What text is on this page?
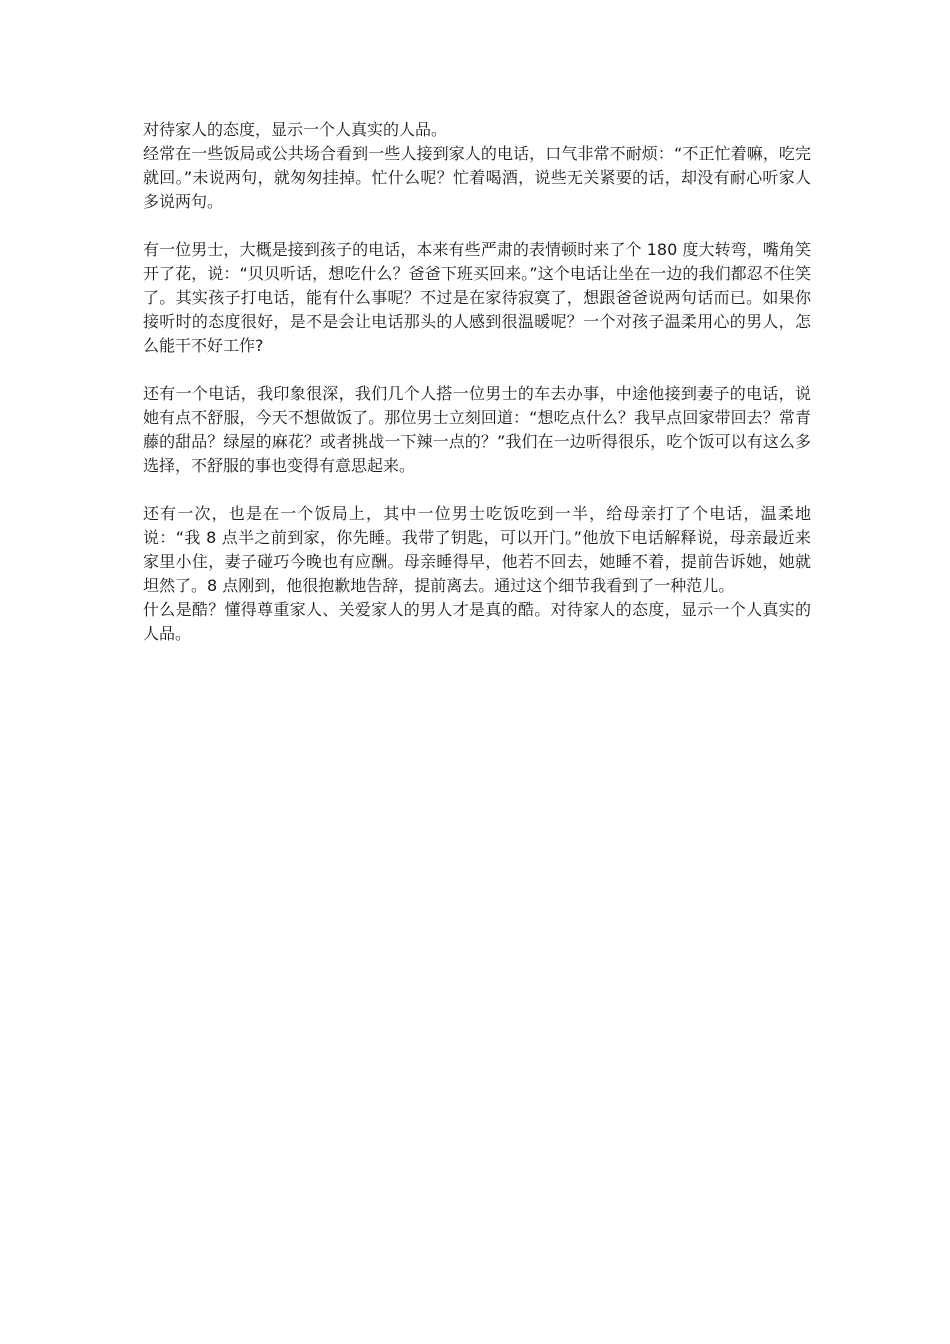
对待家人的态度，显示一个人真实的人品。

经常在一些饭局或公共场合看到一些人接到家人的电话，口气非常不耐烦：“不正忙着嘛，吃完就回。”未说两句，就匆匆挂掉。忙什么呢？忙着喝酒，说些无关紧要的话，却没有耐心听家人多说两句。

有一位男士，大概是接到孩子的电话，本来有些严肃的表情顿时来了个 180 度大转弯，嘴角笑开了花，说：“贝贝听话，想吃什么？爸爸下班买回来。”这个电话让坐在一边的我们都忍不住笑了。其实孩子打电话，能有什么事呢？不过是在家待寂寞了，想跟爸爸说两句话而已。如果你接听时的态度很好，是不是会让电话那头的人感到很温暖呢？一个对孩子温柔用心的男人，怎么能干不好工作?

还有一个电话，我印象很深，我们几个人搭一位男士的车去办事，中途他接到妻子的电话，说她有点不舒服，今天不想做饭了。那位男士立刻回道：“想吃点什么？我早点回家带回去？常青藤的甜品？绿屋的麻花？或者挑战一下辣一点的？”我们在一边听得很乐，吃个饭可以有这么多选择，不舒服的事也变得有意思起来。

还有一次，也是在一个饭局上，其中一位男士吃饭吃到一半，给母亲打了个电话，温柔地说：“我 8 点半之前到家，你先睡。我带了钥匙，可以开门。”他放下电话解释说，母亲最近来家里小住，妻子碰巧今晚也有应酬。母亲睡得早，他若不回去，她睡不着，提前告诉她，她就坦然了。8 点刚到，他很抱歉地告辞，提前离去。通过这个细节我看到了一种范儿。

什么是酷？懂得尊重家人、关爱家人的男人才是真的酷。对待家人的态度，显示一个人真实的人品。
